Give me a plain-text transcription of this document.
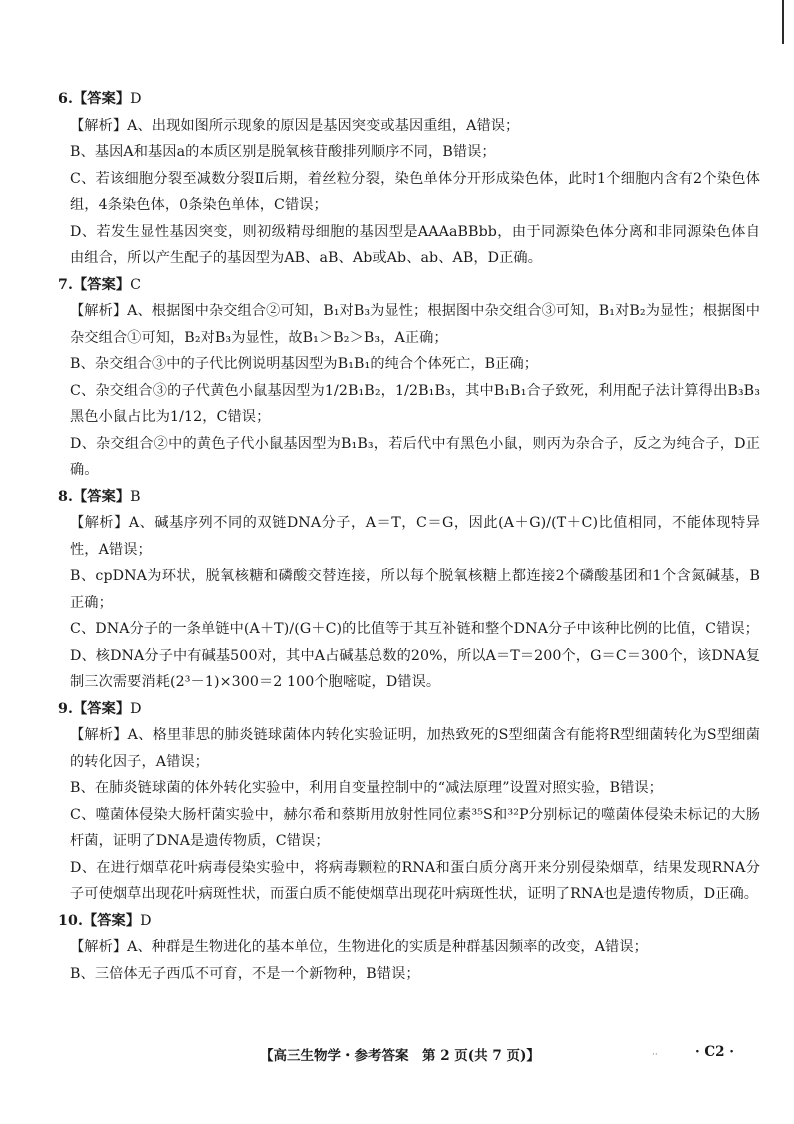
6.【答案】D

【解析】A、出现如图所示现象的原因是基因突变或基因重组，A错误；

B、基因A和基因a的本质区别是脱氧核苷酸排列顺序不同，B错误；

C、若该细胞分裂至减数分裂Ⅱ后期，着丝粒分裂，染色单体分开形成染色体，此时1个细胞内含有2个染色体组，4条染色体，0条染色单体，C错误；

D、若发生显性基因突变，则初级精母细胞的基因型是AAAaBBbb，由于同源染色体分离和非同源染色体自由组合，所以产生配子的基因型为AB、aB、Ab或Ab、ab、AB，D正确。

7.【答案】C

【解析】A、根据图中杂交组合②可知，B₁对B₃为显性；根据图中杂交组合③可知，B₁对B₂为显性；根据图中杂交组合①可知，B₂对B₃为显性，故B₁＞B₂＞B₃，A正确；

B、杂交组合③中的子代比例说明基因型为B₁B₁的纯合个体死亡，B正确；

C、杂交组合③的子代黄色小鼠基因型为1/2B₁B₂，1/2B₁B₃，其中B₁B₁合子致死，利用配子法计算得出B₃B₃黑色小鼠占比为1/12，C错误；

D、杂交组合②中的黄色子代小鼠基因型为B₁B₃，若后代中有黑色小鼠，则丙为杂合子，反之为纯合子，D正确。

8.【答案】B

【解析】A、碱基序列不同的双链DNA分子，A＝T，C＝G，因此(A＋G)/(T＋C)比值相同，不能体现特异性，A错误；

B、cpDNA为环状，脱氧核糖和磷酸交替连接，所以每个脱氧核糖上都连接2个磷酸基团和1个含氮碱基，B正确；

C、DNA分子的一条单链中(A＋T)/(G＋C)的比值等于其互补链和整个DNA分子中该种比例的比值，C错误；

D、核DNA分子中有碱基500对，其中A占碱基总数的20%，所以A＝T＝200个，G＝C＝300个，该DNA复制三次需要消耗(2³－1)×300＝2 100个胞嘧啶，D错误。

9.【答案】D

【解析】A、格里菲思的肺炎链球菌体内转化实验证明，加热致死的S型细菌含有能将R型细菌转化为S型细菌的转化因子，A错误；

B、在肺炎链球菌的体外转化实验中，利用自变量控制中的“减法原理”设置对照实验，B错误；

C、噬菌体侵染大肠杆菌实验中，赫尔希和蔡斯用放射性同位素³⁵S和³²P分别标记的噬菌体侵染未标记的大肠杆菌，证明了DNA是遗传物质，C错误；

D、在进行烟草花叶病毒侵染实验中，将病毒颗粒的RNA和蛋白质分离开来分别侵染烟草，结果发现RNA分子可使烟草出现花叶病斑性状，而蛋白质不能使烟草出现花叶病斑性状，证明了RNA也是遗传物质，D正确。

10.【答案】D

【解析】A、种群是生物进化的基本单位，生物进化的实质是种群基因频率的改变，A错误；

B、三倍体无子西瓜不可育，不是一个新物种，B错误；

【高三生物学・参考答案　第 2 页(共 7 页)】	··	· C2 ·
